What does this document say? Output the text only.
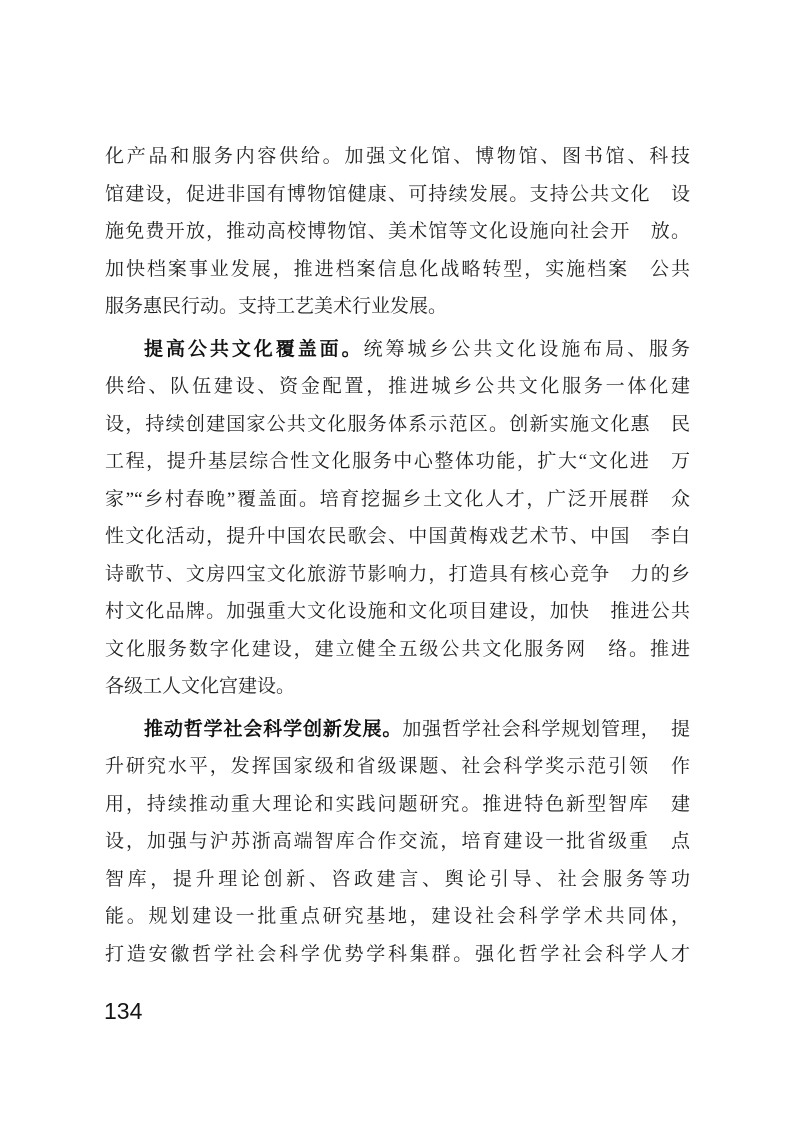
化产品和服务内容供给。加强文化馆、博物馆、图书馆、科技
馆建设，促进非国有博物馆健康、可持续发展。支持公共文化　设
施免费开放，推动高校博物馆、美术馆等文化设施向社会开　放。
加快档案事业发展，推进档案信息化战略转型，实施档案　公共
服务惠民行动。支持工艺美术行业发展。
提高公共文化覆盖面。统筹城乡公共文化设施布局、服务
供给、队伍建设、资金配置，推进城乡公共文化服务一体化建
设，持续创建国家公共文化服务体系示范区。创新实施文化惠　民
工程，提升基层综合性文化服务中心整体功能，扩大“文化进　万
家”“乡村春晚”覆盖面。培育挖掘乡土文化人才，广泛开展群　众
性文化活动，提升中国农民歌会、中国黄梅戏艺术节、中国　李白
诗歌节、文房四宝文化旅游节影响力，打造具有核心竞争　力的乡
村文化品牌。加强重大文化设施和文化项目建设，加快　推进公共
文化服务数字化建设，建立健全五级公共文化服务网　络。推进
各级工人文化宫建设。
推动哲学社会科学创新发展。加强哲学社会科学规划管理，　提
升研究水平，发挥国家级和省级课题、社会科学奖示范引领　作
用，持续推动重大理论和实践问题研究。推进特色新型智库　建
设，加强与沪苏浙高端智库合作交流，培育建设一批省级重　点
智库，提升理论创新、咨政建言、舆论引导、社会服务等功
能。规划建设一批重点研究基地，建设社会科学学术共同体，
打造安徽哲学社会科学优势学科集群。强化哲学社会科学人才
134
